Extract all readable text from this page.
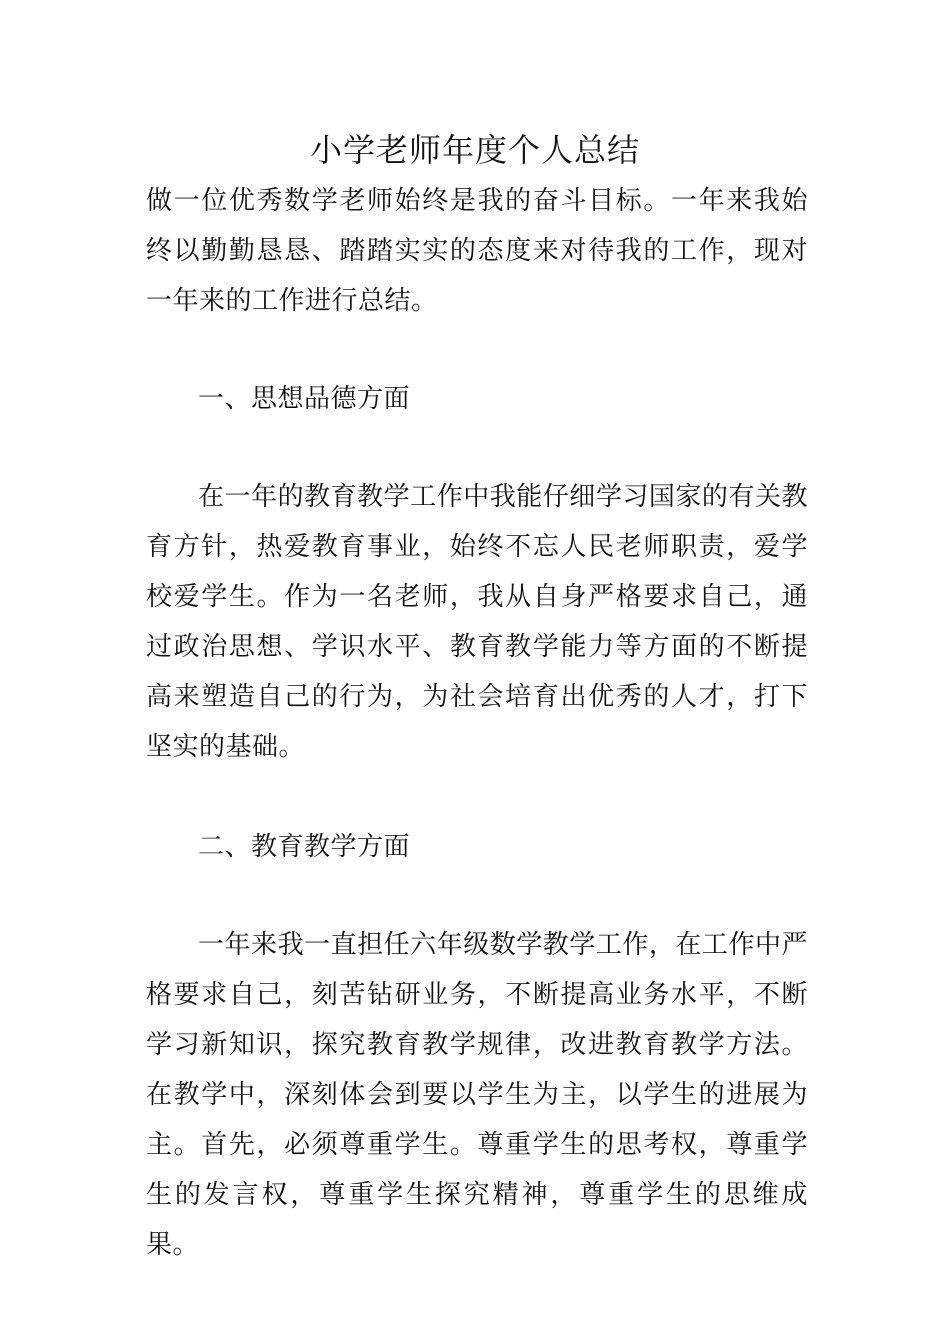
小学老师年度个人总结

做一位优秀数学老师始终是我的奋斗目标。一年来我始终以勤勤恳恳、踏踏实实的态度来对待我的工作，现对一年来的工作进行总结。

一、思想品德方面

在一年的教育教学工作中我能仔细学习国家的有关教育方针，热爱教育事业，始终不忘人民老师职责，爱学校爱学生。作为一名老师，我从自身严格要求自己，通过政治思想、学识水平、教育教学能力等方面的不断提高来塑造自己的行为，为社会培育出优秀的人才，打下坚实的基础。

二、教育教学方面

一年来我一直担任六年级数学教学工作，在工作中严格要求自己，刻苦钻研业务，不断提高业务水平，不断学习新知识，探究教育教学规律，改进教育教学方法。在教学中，深刻体会到要以学生为主，以学生的进展为主。首先，必须尊重学生。尊重学生的思考权，尊重学生的发言权，尊重学生探究精神，尊重学生的思维成果。
